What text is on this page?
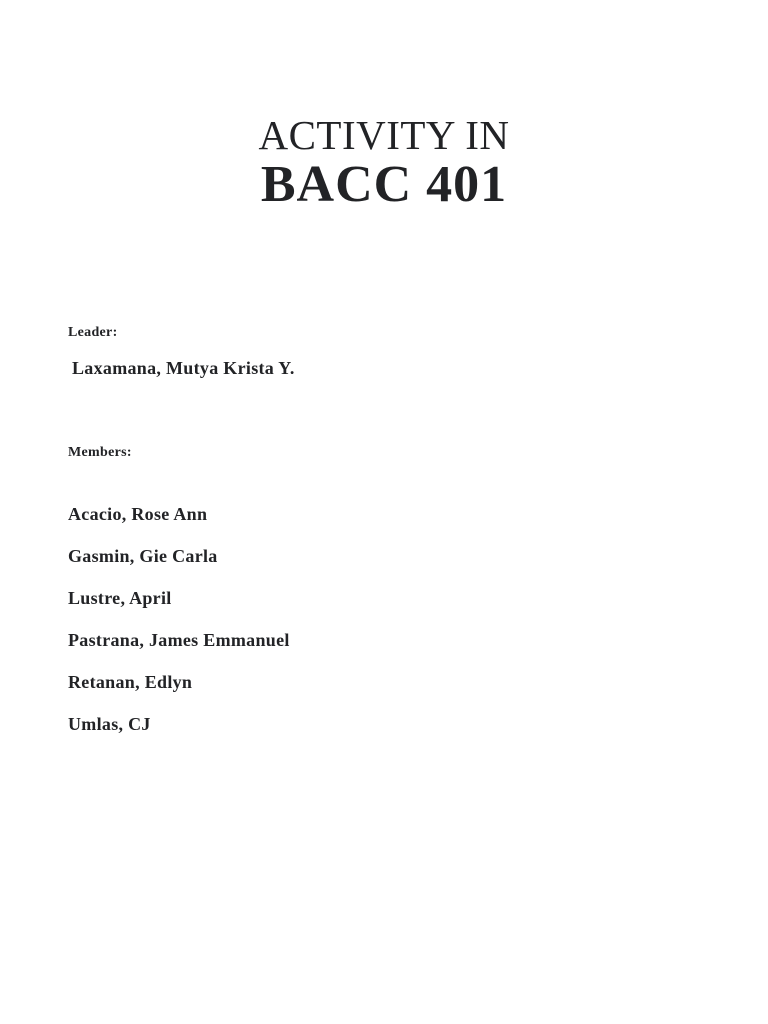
ACTIVITY IN
BACC 401
Leader:
Laxamana, Mutya Krista Y.
Members:
Acacio, Rose Ann
Gasmin, Gie Carla
Lustre, April
Pastrana, James Emmanuel
Retanan, Edlyn
Umlas, CJ
